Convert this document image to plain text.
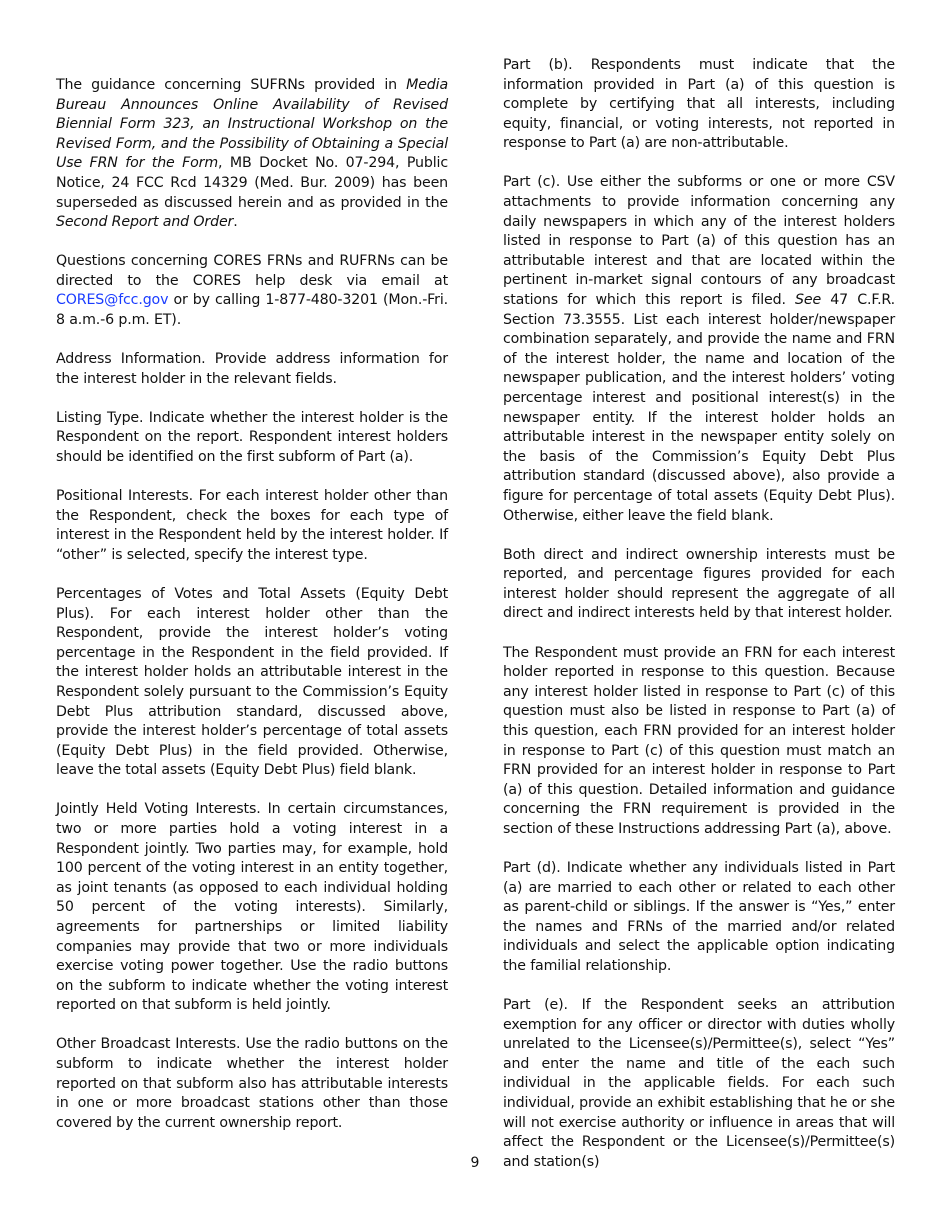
The guidance concerning SUFRNs provided in Media Bureau Announces Online Availability of Revised Biennial Form 323, an Instructional Workshop on the Revised Form, and the Possibility of Obtaining a Special Use FRN for the Form, MB Docket No. 07-294, Public Notice, 24 FCC Rcd 14329 (Med. Bur. 2009) has been superseded as discussed herein and as provided in the Second Report and Order.

Questions concerning CORES FRNs and RUFRNs can be directed to the CORES help desk via email at CORES@fcc.gov or by calling 1-877-480-3201 (Mon.-Fri. 8 a.m.-6 p.m. ET).

Address Information. Provide address information for the interest holder in the relevant fields.

Listing Type. Indicate whether the interest holder is the Respondent on the report. Respondent interest holders should be identified on the first subform of Part (a).

Positional Interests. For each interest holder other than the Respondent, check the boxes for each type of interest in the Respondent held by the interest holder. If “other” is selected, specify the interest type.

Percentages of Votes and Total Assets (Equity Debt Plus). For each interest holder other than the Respondent, provide the interest holder’s voting percentage in the Respondent in the field provided. If the interest holder holds an attributable interest in the Respondent solely pursuant to the Commission’s Equity Debt Plus attribution standard, discussed above, provide the interest holder’s percentage of total assets (Equity Debt Plus) in the field provided. Otherwise, leave the total assets (Equity Debt Plus) field blank.

Jointly Held Voting Interests. In certain circumstances, two or more parties hold a voting interest in a Respondent jointly. Two parties may, for example, hold 100 percent of the voting interest in an entity together, as joint tenants (as opposed to each individual holding 50 percent of the voting interests). Similarly, agreements for partnerships or limited liability companies may provide that two or more individuals exercise voting power together. Use the radio buttons on the subform to indicate whether the voting interest reported on that subform is held jointly.

Other Broadcast Interests. Use the radio buttons on the subform to indicate whether the interest holder reported on that subform also has attributable interests in one or more broadcast stations other than those covered by the current ownership report.

Part (b). Respondents must indicate that the information provided in Part (a) of this question is complete by certifying that all interests, including equity, financial, or voting interests, not reported in response to Part (a) are non-attributable.

Part (c). Use either the subforms or one or more CSV attachments to provide information concerning any daily newspapers in which any of the interest holders listed in response to Part (a) of this question has an attributable interest and that are located within the pertinent in-market signal contours of any broadcast stations for which this report is filed. See 47 C.F.R. Section 73.3555. List each interest holder/newspaper combination separately, and provide the name and FRN of the interest holder, the name and location of the newspaper publication, and the interest holders’ voting percentage interest and positional interest(s) in the newspaper entity. If the interest holder holds an attributable interest in the newspaper entity solely on the basis of the Commission’s Equity Debt Plus attribution standard (discussed above), also provide a figure for percentage of total assets (Equity Debt Plus). Otherwise, either leave the field blank.

Both direct and indirect ownership interests must be reported, and percentage figures provided for each interest holder should represent the aggregate of all direct and indirect interests held by that interest holder.

The Respondent must provide an FRN for each interest holder reported in response to this question. Because any interest holder listed in response to Part (c) of this question must also be listed in response to Part (a) of this question, each FRN provided for an interest holder in response to Part (c) of this question must match an FRN provided for an interest holder in response to Part (a) of this question. Detailed information and guidance concerning the FRN requirement is provided in the section of these Instructions addressing Part (a), above.

Part (d). Indicate whether any individuals listed in Part (a) are married to each other or related to each other as parent-child or siblings. If the answer is “Yes,” enter the names and FRNs of the married and/or related individuals and select the applicable option indicating the familial relationship.

Part (e). If the Respondent seeks an attribution exemption for any officer or director with duties wholly unrelated to the Licensee(s)/Permittee(s), select “Yes” and enter the name and title of the each such individual in the applicable fields. For each such individual, provide an exhibit establishing that he or she will not exercise authority or influence in areas that will affect the Respondent or the Licensee(s)/Permittee(s) and station(s)

9
